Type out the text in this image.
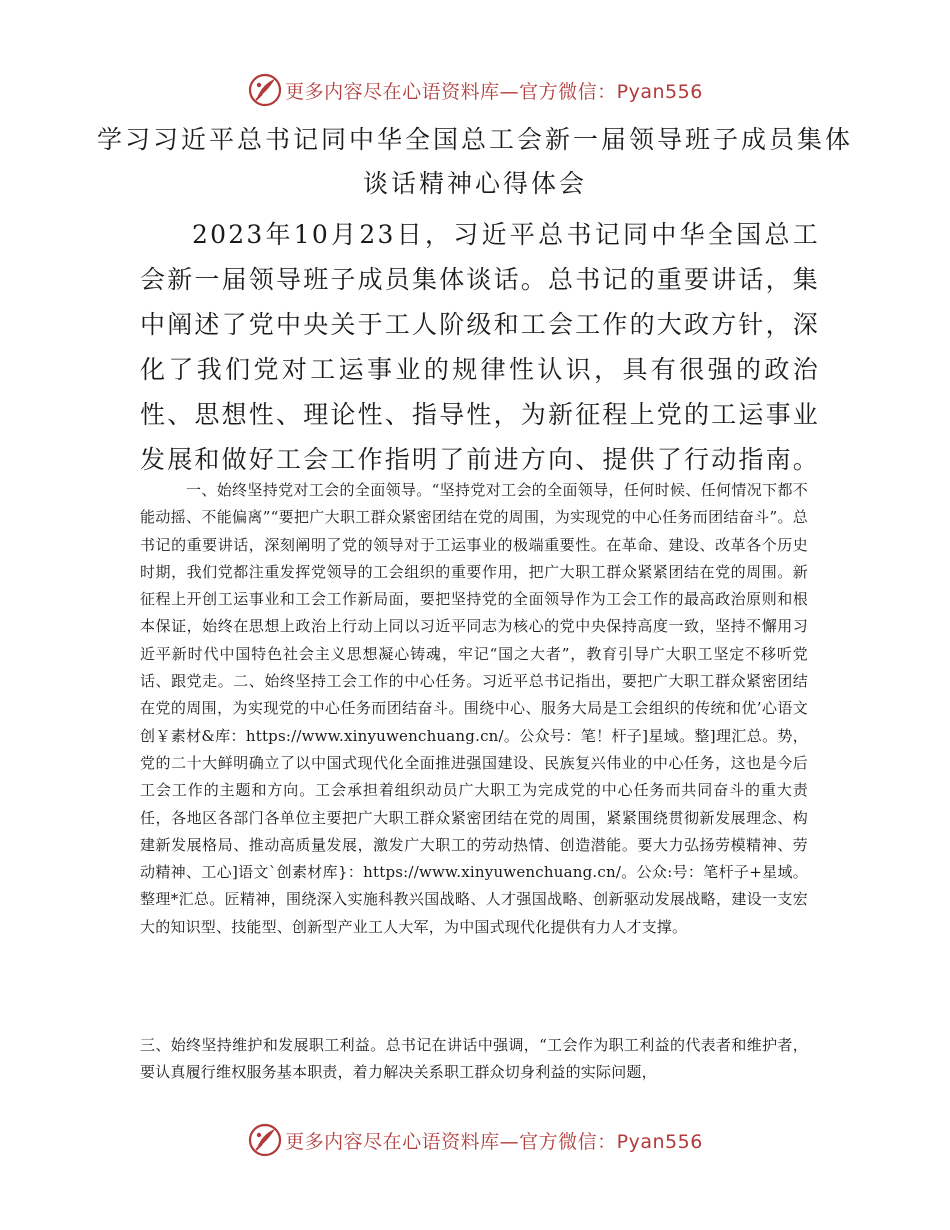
更多内容尽在心语资料库—官方微信：Pyan556
学习习近平总书记同中华全国总工会新一届领导班子成员集体谈话精神心得体会

2023年10月23日，习近平总书记同中华全国总工会新一届领导班子成员集体谈话。总书记的重要讲话，集中阐述了党中央关于工人阶级和工会工作的大政方针，深化了我们党对工运事业的规律性认识，具有很强的政治性、思想性、理论性、指导性，为新征程上党的工运事业发展和做好工会工作指明了前进方向、提供了行动指南。

一、始终坚持党对工会的全面领导。“坚持党对工会的全面领导，任何时候、任何情况下都不能动摇、不能偏离”“要把广大职工群众紧密团结在党的周围，为实现党的中心任务而团结奋斗”。总书记的重要讲话，深刻阐明了党的领导对于工运事业的极端重要性。在革命、建设、改革各个历史时期，我们党都注重发挥党领导的工会组织的重要作用，把广大职工群众紧紧团结在党的周围。新征程上开创工运事业和工会工作新局面，要把坚持党的全面领导作为工会工作的最高政治原则和根本保证，始终在思想上政治上行动上同以习近平同志为核心的党中央保持高度一致，坚持不懈用习近平新时代中国特色社会主义思想凝心铸魂，牢记“国之大者”，教育引导广大职工坚定不移听党话、跟党走。二、始终坚持工会工作的中心任务。习近平总书记指出，要把广大职工群众紧密团结在党的周围，为实现党的中心任务而团结奋斗。围绕中心、服务大局是工会组织的传统和优’心语文创￥素材&库：https://www.xinyuwenchuang.cn/。公众号：笔！杆子]星域。整]理汇总。势，党的二十大鲜明确立了以中国式现代化全面推进强国建设、民族复兴伟业的中心任务，这也是今后工会工作的主题和方向。工会承担着组织动员广大职工为完成党的中心任务而共同奋斗的重大责任，各地区各部门各单位主要把广大职工群众紧密团结在党的周围，紧紧围绕贯彻新发展理念、构建新发展格局、推动高质量发展，激发广大职工的劳动热情、创造潜能。要大力弘扬劳模精神、劳动精神、工心]语文`创素材库}：https://www.xinyuwenchuang.cn/。公众:号：笔杆子+星域。整理*汇总。匠精神，围绕深入实施科教兴国战略、人才强国战略、创新驱动发展战略，建设一支宏大的知识型、技能型、创新型产业工人大军，为中国式现代化提供有力人才支撑。

三、始终坚持维护和发展职工利益。总书记在讲话中强调，“工会作为职工利益的代表者和维护者，要认真履行维权服务基本职责，着力解决关系职工群众切身利益的实际问题，

更多内容尽在心语资料库—官方微信：Pyan556
